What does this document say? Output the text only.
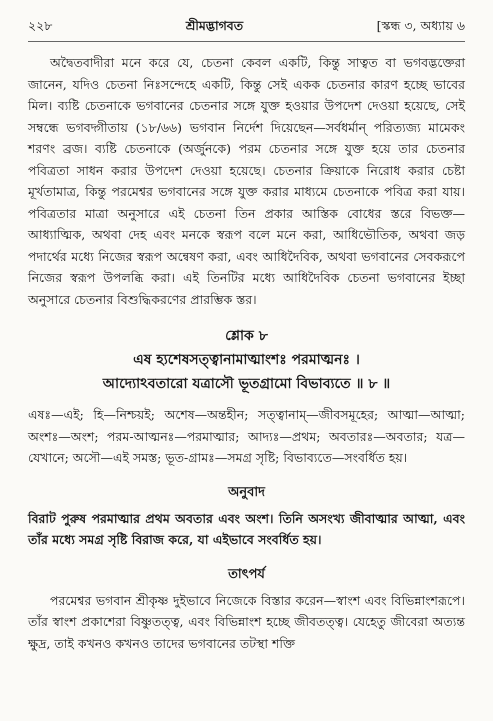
২২৮	শ্রীমদ্ভাগবত	[স্কন্ধ ৩, অধ্যায় ৬

অদ্বৈতবাদীরা মনে করে যে, চেতনা কেবল একটি, কিন্তু সাত্বত বা ভগবদ্ভক্তেরা জানেন, যদিও চেতনা নিঃসন্দেহে একটি, কিন্তু সেই একক চেতনার কারণ হচ্ছে ভাবের মিল। ব্যষ্টি চেতনাকে ভগবানের চেতনার সঙ্গে যুক্ত হওয়ার উপদেশ দেওয়া হয়েছে, সেই সম্বন্ধে ভগবদ্গীতায় (১৮/৬৬) ভগবান নির্দেশ দিয়েছেন—সর্বধর্মান্ পরিত্যজ্য মামেকং শরণং ব্রজ। ব্যষ্টি চেতনাকে (অর্জুনকে) পরম চেতনার সঙ্গে যুক্ত হয়ে তার চেতনার পবিত্রতা সাধন করার উপদেশ দেওয়া হয়েছে। চেতনার ক্রিয়াকে নিরোধ করার চেষ্টা মূর্খতামাত্র, কিন্তু পরমেশ্বর ভগবানের সঙ্গে যুক্ত করার মাধ্যমে চেতনাকে পবিত্র করা যায়। পবিত্রতার মাত্রা অনুসারে এই চেতনা তিন প্রকার আস্তিক বোধের স্তরে বিভক্ত—আধ্যাত্মিক, অথবা দেহ এবং মনকে স্বরূপ বলে মনে করা, আধিভৌতিক, অথবা জড় পদার্থের মধ্যে নিজের স্বরূপ অন্বেষণ করা, এবং আধিদৈবিক, অথবা ভগবানের সেবকরূপে নিজের স্বরূপ উপলব্ধি করা। এই তিনটির মধ্যে আধিদৈবিক চেতনা ভগবানের ইচ্ছা অনুসারে চেতনার বিশুদ্ধিকরণের প্রারম্ভিক স্তর।

শ্লোক ৮
এষ হ্যশেষসত্ত্বানামাত্মাংশঃ পরমাত্মনঃ ।
আদ্যোঽবতারো যত্রাসৌ ভূতগ্রামো বিভাব্যতে ॥ ৮ ॥

এষঃ—এই; হি—নিশ্চয়ই; অশেষ—অন্তহীন; সত্ত্বানাম্—জীবসমূহের; আত্মা—আত্মা; অংশঃ—অংশ; পরম-আত্মনঃ—পরমাত্মার; আদ্যঃ—প্রথম; অবতারঃ—অবতার; যত্র—যেখানে; অসৌ—এই সমস্ত; ভূত-গ্রামঃ—সমগ্র সৃষ্টি; বিভাব্যতে—সংবর্ধিত হয়।

অনুবাদ

বিরাট পুরুষ পরমাত্মার প্রথম অবতার এবং অংশ। তিনি অসংখ্য জীবাত্মার আত্মা, এবং তাঁর মধ্যে সমগ্র সৃষ্টি বিরাজ করে, যা এইভাবে সংবর্ধিত হয়।

তাৎপর্য

পরমেশ্বর ভগবান শ্রীকৃষ্ণ দুইভাবে নিজেকে বিস্তার করেন—স্বাংশ এবং বিভিন্নাংশরূপে। তাঁর স্বাংশ প্রকাশেরা বিষ্ণুতত্ত্ব, এবং বিভিন্নাংশ হচ্ছে জীবতত্ত্ব। যেহেতু জীবেরা অত্যন্ত ক্ষুদ্র, তাই কখনও কখনও তাদের ভগবানের তটস্থা শক্তি
